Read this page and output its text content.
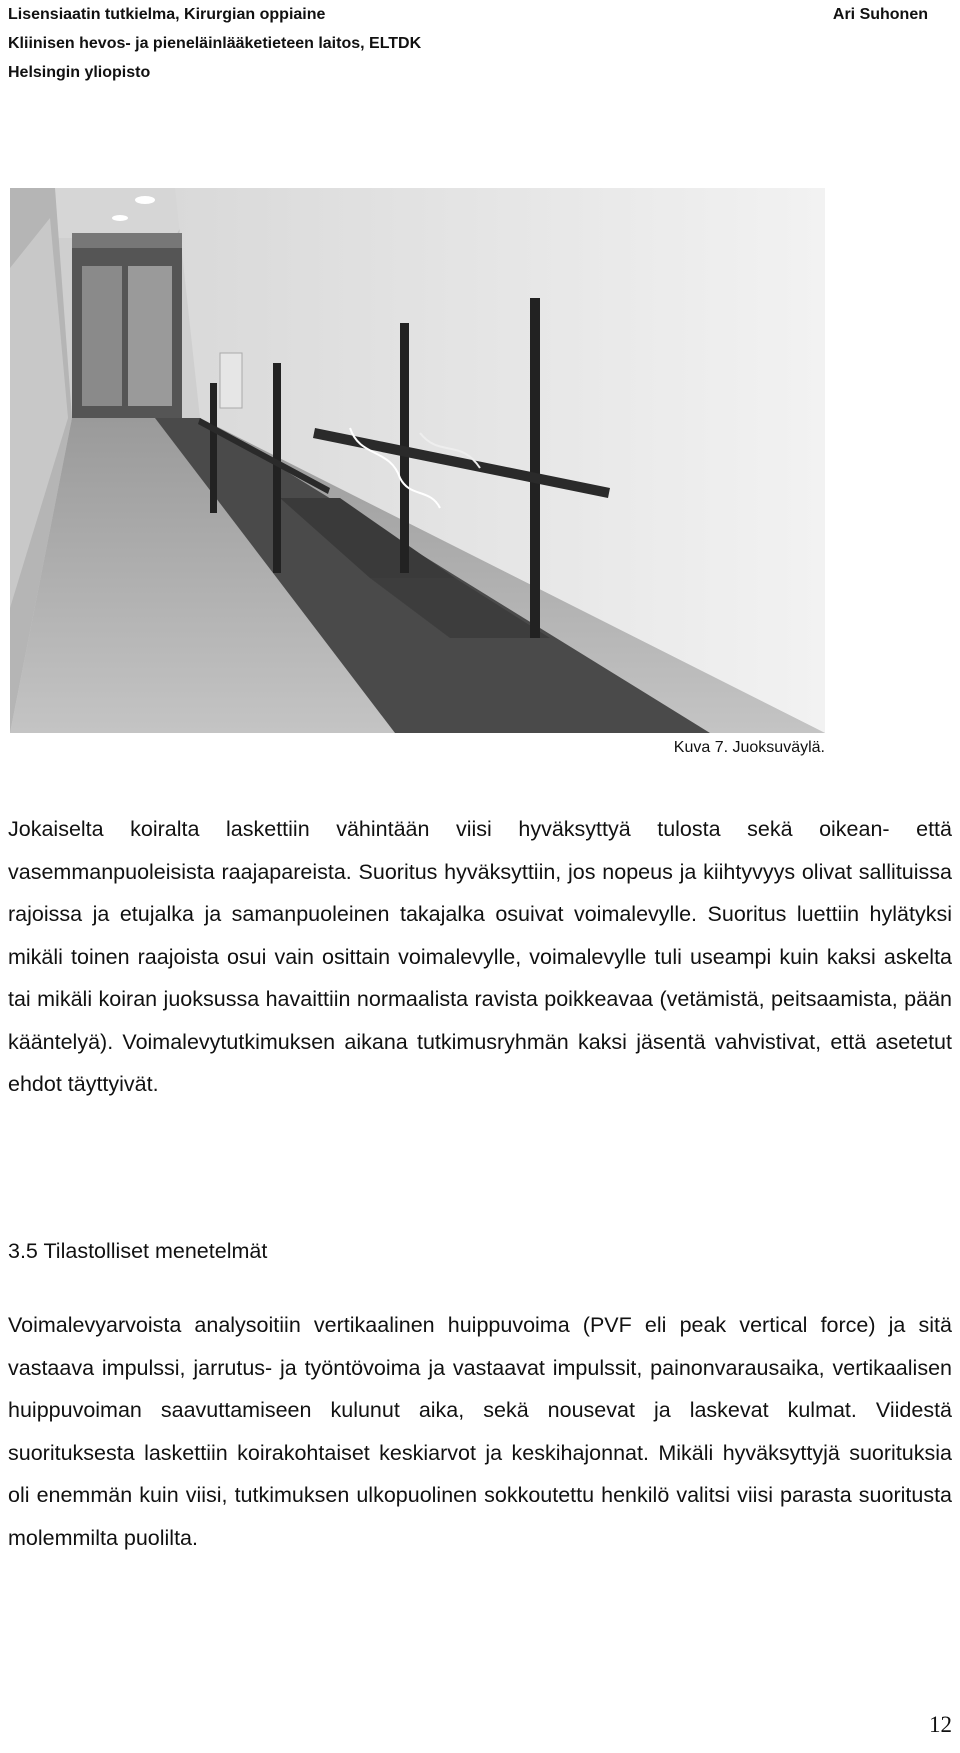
Lisensiaatin tutkielma, Kirurgian oppiaine
Kliinisen hevos- ja pieneläinlääketieteen laitos, ELTDK
Helsingin yliopisto
Ari Suhonen
Kuva 7. Juoksuväylä.

Jokaiselta koiralta laskettiin vähintään viisi hyväksyttyä tulosta sekä oikean- että vasemmanpuoleisista raajapareista. Suoritus hyväksyttiin, jos nopeus ja kiihtyvyys olivat sallituissa rajoissa ja etujalka ja samanpuoleinen takajalka osuivat voimalevylle. Suoritus luettiin hylätyksi mikäli toinen raajoista osui vain osittain voimalevylle, voimalevylle tuli useampi kuin kaksi askelta tai mikäli koiran juoksussa havaittiin normaalista ravista poikkeavaa (vetämistä, peitsaamista, pään kääntelyä). Voimalevytutkimuksen aikana tutkimusryhmän kaksi jäsentä vahvistivat, että asetetut ehdot täyttyivät.

3.5 Tilastolliset menetelmät

Voimalevyarvoista analysoitiin vertikaalinen huippuvoima (PVF eli peak vertical force) ja sitä vastaava impulssi, jarrutus- ja työntövoima ja vastaavat impulssit, painonvarausaika, vertikaalisen huippuvoiman saavuttamiseen kulunut aika, sekä nousevat ja laskevat kulmat. Viidestä suorituksesta laskettiin koirakohtaiset keskiarvot ja keskihajonnat. Mikäli hyväksyttyjä suorituksia oli enemmän kuin viisi, tutkimuksen ulkopuolinen sokkoutettu henkilö valitsi viisi parasta suoritusta molemmilta puolilta.

12
